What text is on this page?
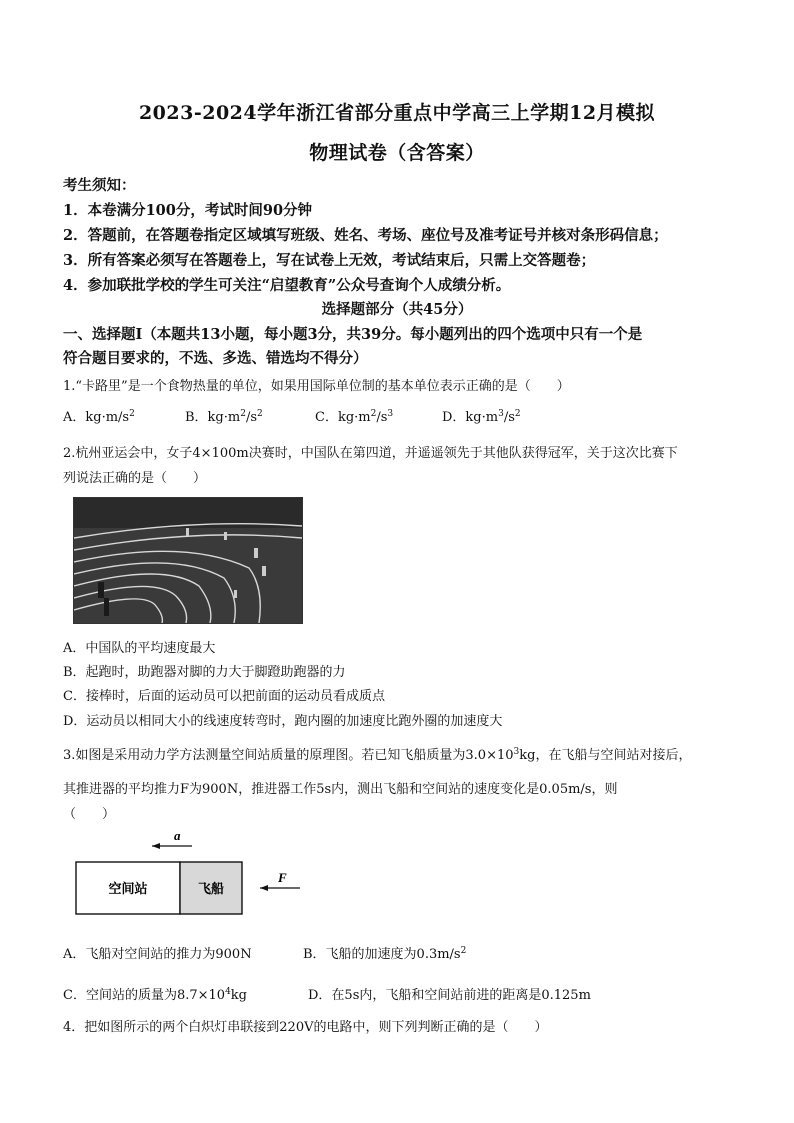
2023-2024学年浙江省部分重点中学高三上学期12月模拟
物理试卷（含答案）
考生须知：
1．本卷满分100分，考试时间90分钟
2．答题前，在答题卷指定区域填写班级、姓名、考场、座位号及准考证号并核对条形码信息；
3．所有答案必须写在答题卷上，写在试卷上无效，考试结束后，只需上交答题卷；
4．参加联批学校的学生可关注“启望教育”公众号查询个人成绩分析。
选择题部分（共45分）
一、选择题Ⅰ（本题共13小题，每小题3分，共39分。每小题列出的四个选项中只有一个是
符合题目要求的，不选、多选、错选均不得分）
1.“卡路里”是一个食物热量的单位，如果用国际单位制的基本单位表示正确的是（　　）
A．$kg\cdot m/s^2$	B．$kg\cdot m^2/s^2$	C．$kg\cdot m^2/s^3$	D．$kg\cdot m^3/s^2$
2.杭州亚运会中，女子4×100m决赛时，中国队在第四道，并遥遥领先于其他队获得冠军，关于这次比赛下
列说法正确的是（　　）
A．中国队的平均速度最大
B．起跑时，助跑器对脚的力大于脚蹬助跑器的力
C．接棒时，后面的运动员可以把前面的运动员看成质点
D．运动员以相同大小的线速度转弯时，跑内圈的加速度比跑外圈的加速度大
3.如图是采用动力学方法测量空间站质量的原理图。若已知飞船质量为$3.0\times 10^3kg$，在飞船与空间站对接后，
其推进器的平均推力F为900N，推进器工作5s内，测出飞船和空间站的速度变化是0.05m/s，则
（　　）
a
空间站	飞船
F
A．飞船对空间站的推力为900N	B．飞船的加速度为$0.3m/s^2$
C．空间站的质量为$8.7\times 10^4kg$	D．在5s内，飞船和空间站前进的距离是0.125m
4．把如图所示的两个白炽灯串联接到220V的电路中，则下列判断正确的是（　　）
